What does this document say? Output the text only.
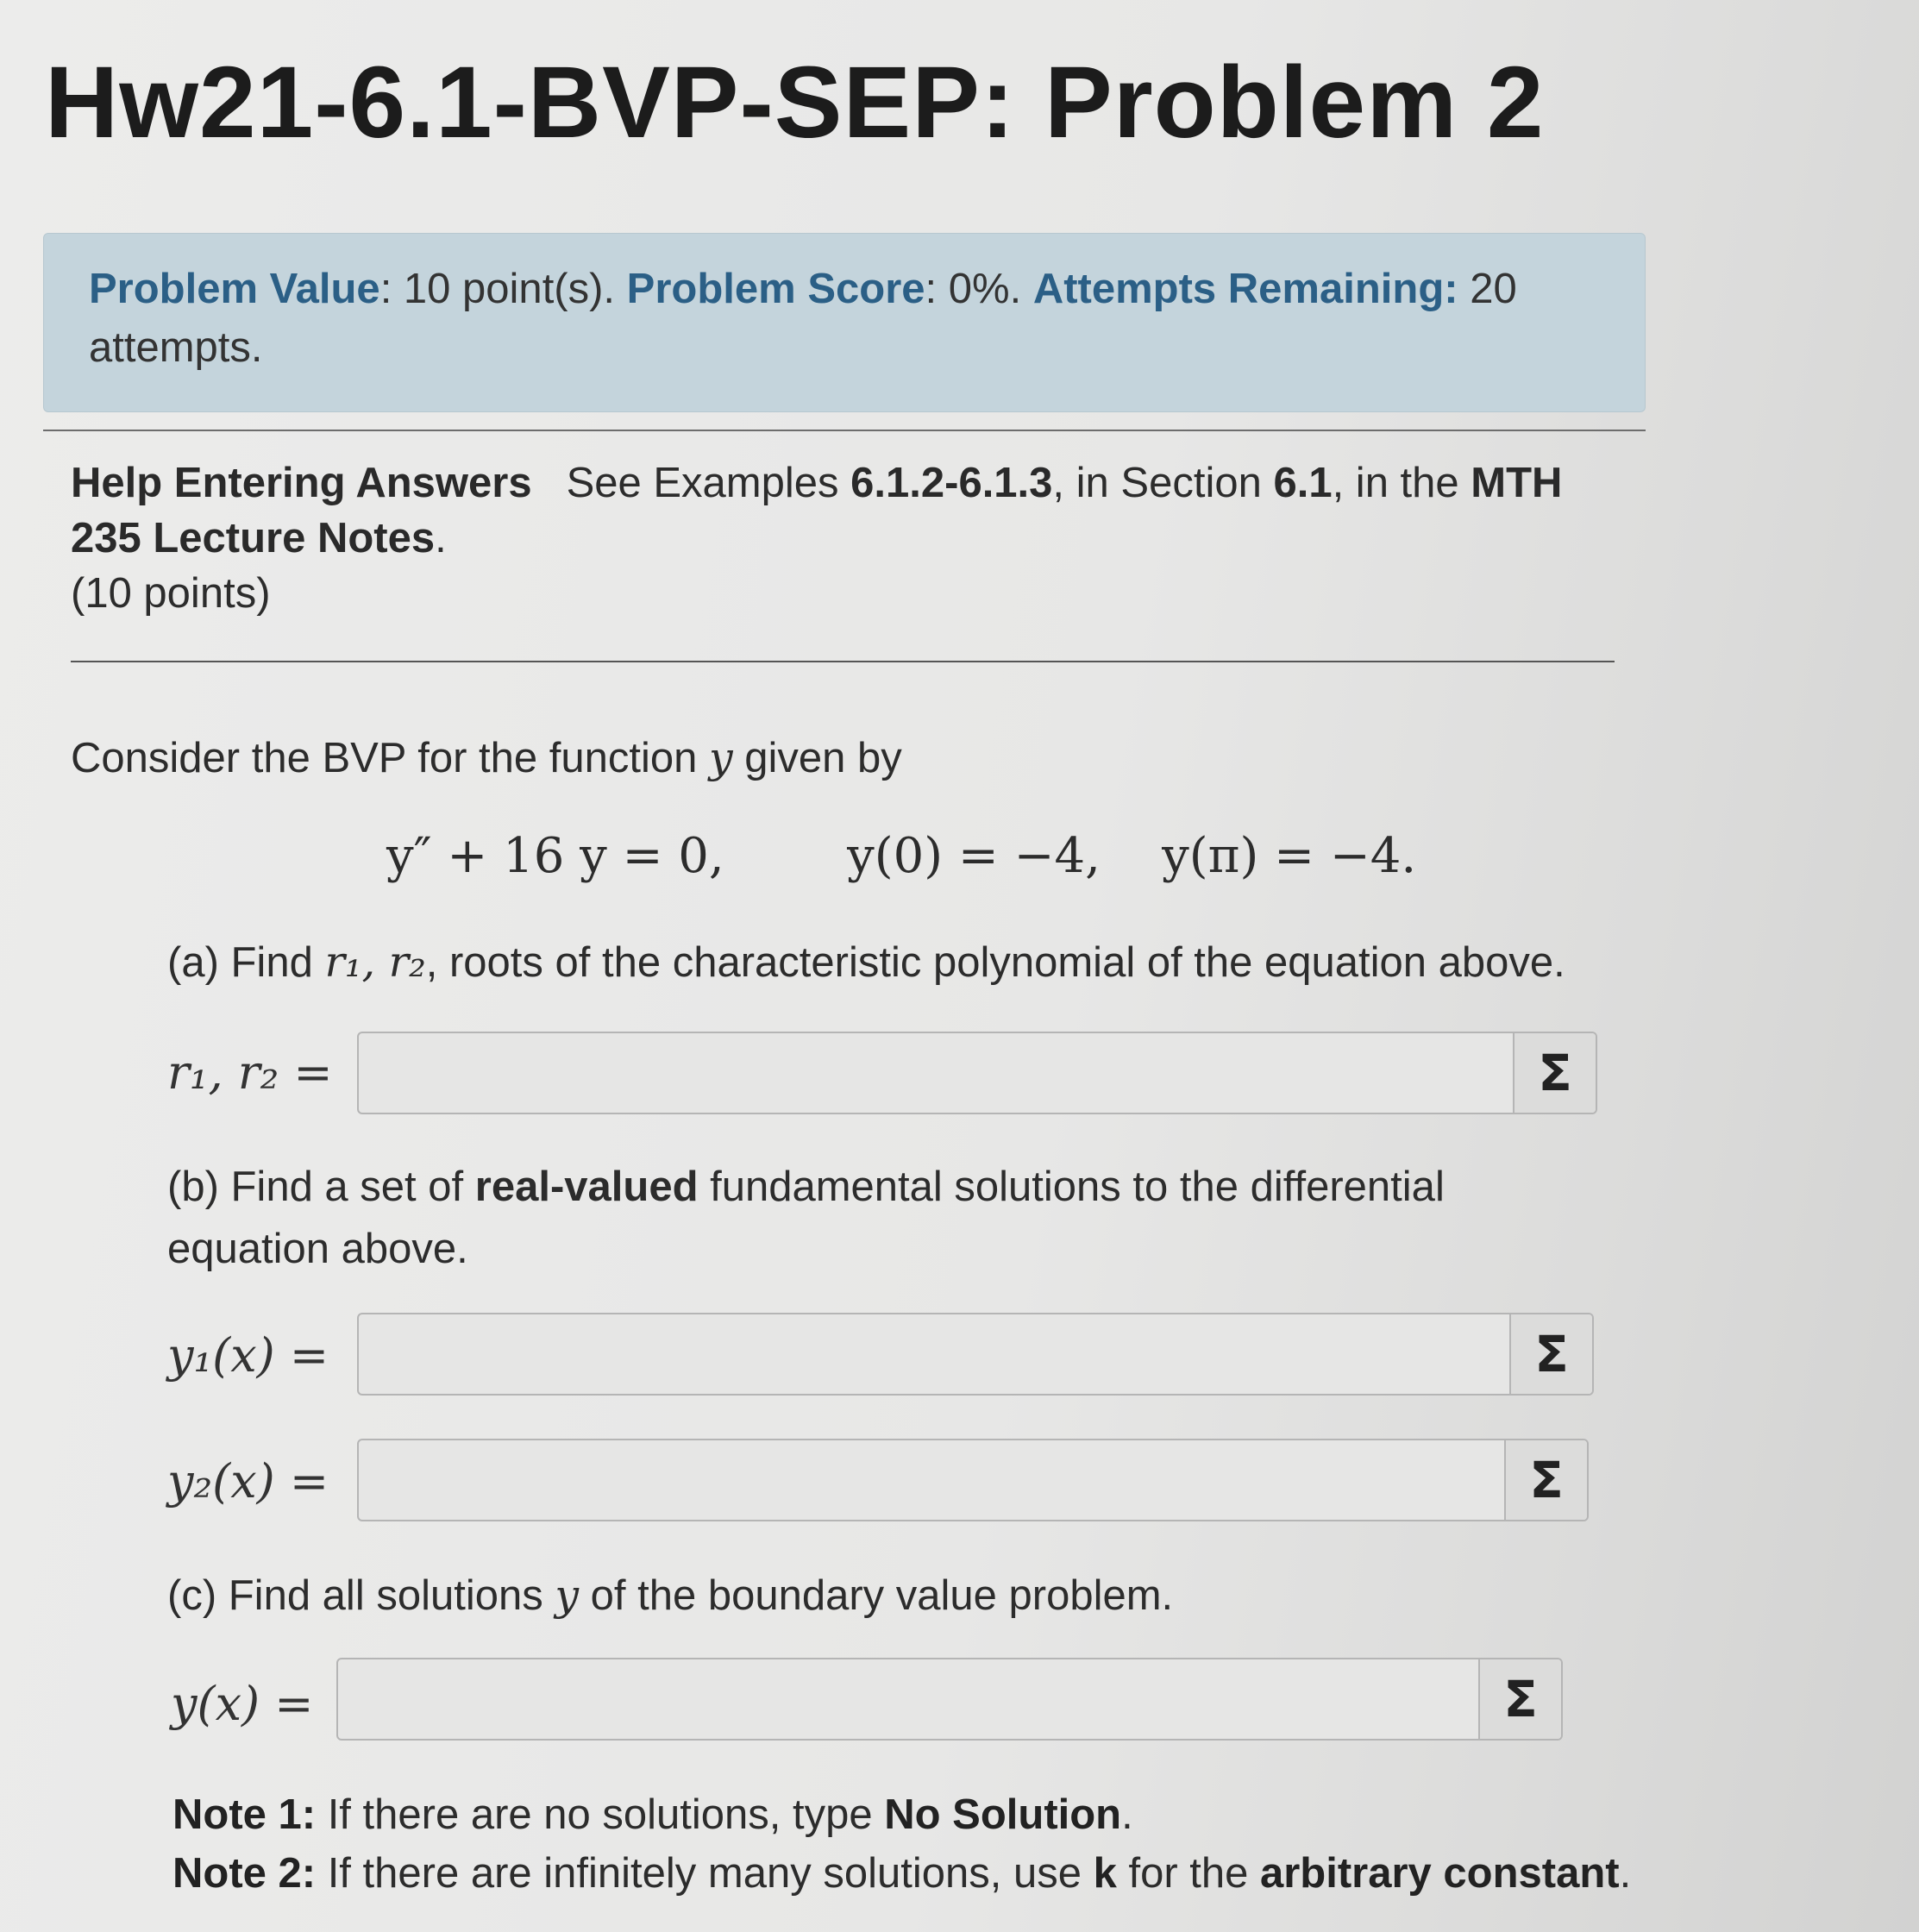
Hw21-6.1-BVP-SEP: Problem 2
Problem Value: 10 point(s). Problem Score: 0%. Attempts Remaining: 20 attempts.
Help Entering Answers See Examples 6.1.2-6.1.3, in Section 6.1, in the MTH 235 Lecture Notes.
(10 points)
Consider the BVP for the function y given by
y″ + 16 y = 0,        y(0) = −4,    y(π) = −4.
(a) Find r₁, r₂, roots of the characteristic polynomial of the equation above.
r₁, r₂ =	Σ
(b) Find a set of real-valued fundamental solutions to the differential equation above.
y₁(x) =	Σ
y₂(x) =	Σ
(c) Find all solutions y of the boundary value problem.
y(x) =	Σ
Note 1: If there are no solutions, type No Solution.
Note 2: If there are infinitely many solutions, use k for the arbitrary constant.
